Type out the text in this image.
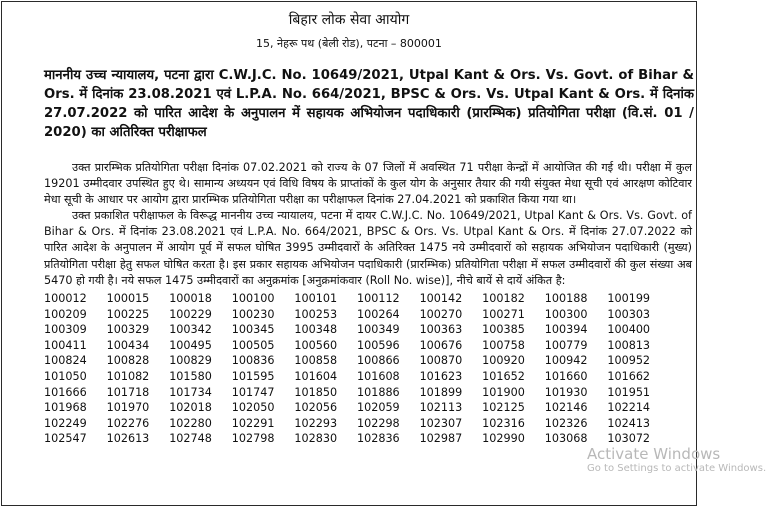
बिहार लोक सेवा आयोग
15, नेहरू पथ (बेली रोड), पटना – 800001

माननीय उच्च न्यायालय, पटना द्वारा C.W.J.C. No. 10649/2021, Utpal Kant & Ors. Vs. Govt. of Bihar & Ors. में दिनांक 23.08.2021 एवं L.P.A. No. 664/2021, BPSC & Ors. Vs. Utpal Kant & Ors. में दिनांक 27.07.2022 को पारित आदेश के अनुपालन में सहायक अभियोजन पदाधिकारी (प्रारम्भिक) प्रतियोगिता परीक्षा (वि.सं. 01 / 2020) का अतिरिक्त परीक्षाफल

उक्त प्रारम्भिक प्रतियोगिता परीक्षा दिनांक 07.02.2021 को राज्य के 07 जिलों में अवस्थित 71 परीक्षा केन्द्रों में आयोजित की गई थी। परीक्षा में कुल 19201 उम्मीदवार उपस्थित हुए थे। सामान्य अध्ययन एवं विधि विषय के प्राप्तांकों के कुल योग के अनुसार तैयार की गयी संयुक्त मेधा सूची एवं आरक्षण कोटिवार मेधा सूची के आधार पर आयोग द्वारा प्रारम्भिक प्रतियोगिता परीक्षा का परीक्षाफल दिनांक 27.04.2021 को प्रकाशित किया गया था।

उक्त प्रकाशित परीक्षाफल के विरूद्ध माननीय उच्च न्यायालय, पटना में दायर C.W.J.C. No. 10649/2021, Utpal Kant & Ors. Vs. Govt. of Bihar & Ors. में दिनांक 23.08.2021 एवं L.P.A. No. 664/2021, BPSC & Ors. Vs. Utpal Kant & Ors. में दिनांक 27.07.2022 को पारित आदेश के अनुपालन में आयोग पूर्व में सफल घोषित 3995 उम्मीदवारों के अतिरिक्त 1475 नये उम्मीदवारों को सहायक अभियोजन पदाधिकारी (मुख्य) प्रतियोगिता परीक्षा हेतु सफल घोषित करता है। इस प्रकार सहायक अभियोजन पदाधिकारी (प्रारम्भिक) प्रतियोगिता परीक्षा में सफल उम्मीदवारों की कुल संख्या अब 5470 हो गयी है। नये सफल 1475 उम्मीदवारों का अनुक्रमांक [अनुक्रमांकवार (Roll No. wise)], नीचे बायें से दायें अंकित है:

100012	100015	100018	100100	100101	100112	100142	100182	100188	100199
100209	100225	100229	100230	100253	100264	100270	100271	100300	100303
100309	100329	100342	100345	100348	100349	100363	100385	100394	100400
100411	100434	100495	100505	100560	100596	100676	100758	100779	100813
100824	100828	100829	100836	100858	100866	100870	100920	100942	100952
101050	101082	101580	101595	101604	101608	101623	101652	101660	101662
101666	101718	101734	101747	101850	101886	101899	101900	101930	101951
101968	101970	102018	102050	102056	102059	102113	102125	102146	102214
102249	102276	102280	102291	102293	102298	102307	102316	102326	102413
102547	102613	102748	102798	102830	102836	102987	102990	103068	103072
Activate Windows
Go to Settings to activate Windows.
